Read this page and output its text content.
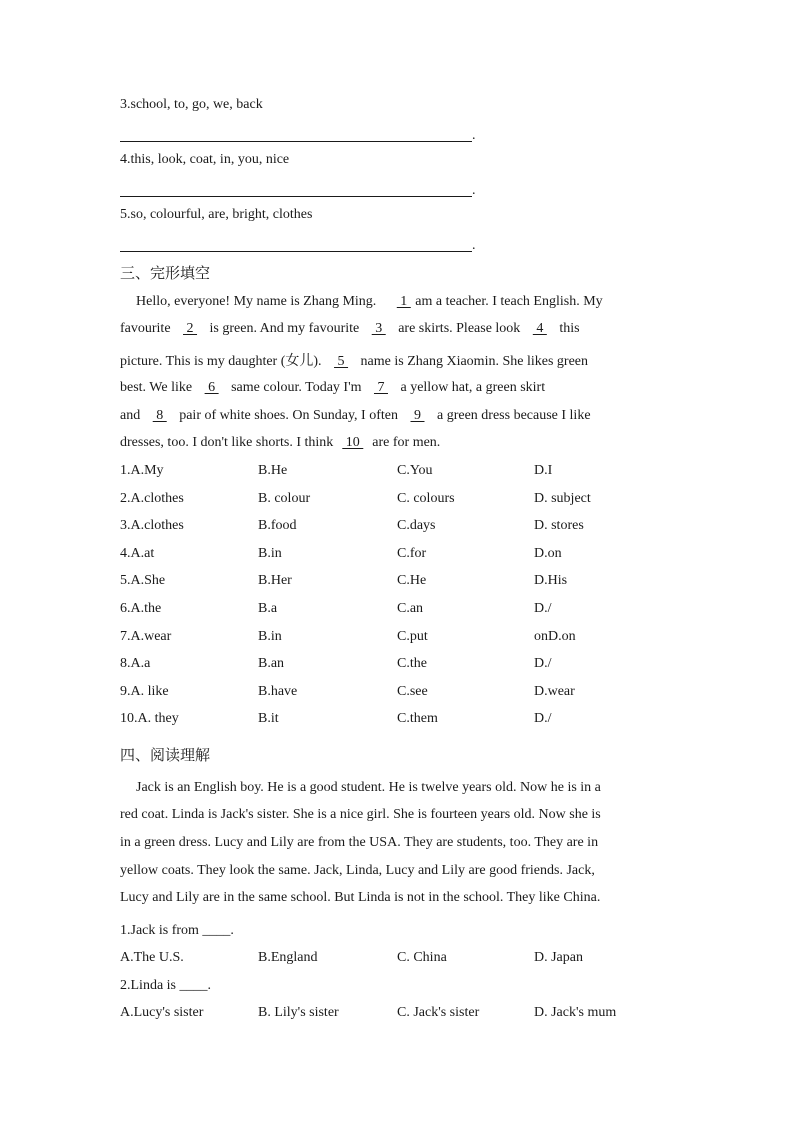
3.school, to, go, we, back
.
4.this, look, coat, in, you, nice
.
5.so, colourful, are, bright, clothes
.
三、完形填空
Hello, everyone! My name is Zhang Ming.  1  am a teacher. I teach English. My
favourite  2  is green. And my favourite  3  are skirts. Please look  4  this
picture. This is my daughter (女儿).  5  name is Zhang Xiaomin. She likes green
best. We like  6  same colour. Today I'm  7  a yellow hat, a green skirt
and  8  pair of white shoes. On Sunday, I often  9  a green dress because I like
dresses, too. I don't like shorts. I think  10  are for men.
1.A.My	B.He	C.You	D.I
2.A.clothes	B. colour	C. colours	D. subject
3.A.clothes	B.food	C.days	D. stores
4.A.at	B.in	C.for	D.on
5.A.She	B.Her	C.He	D.His
6.A.the	B.a	C.an	D./
7.A.wear	B.in	C.put	onD.on
8.A.a	B.an	C.the	D./
9.A. like	B.have	C.see	D.wear
10.A. they	B.it	C.them	D./
四、阅读理解
Jack is an English boy. He is a good student. He is twelve years old. Now he is in a
red coat. Linda is Jack's sister. She is a nice girl. She is fourteen years old. Now she is
in a green dress. Lucy and Lily are from the USA. They are students, too. They are in
yellow coats. They look the same. Jack, Linda, Lucy and Lily are good friends. Jack,
Lucy and Lily are in the same school. But Linda is not in the school. They like China.
1.Jack is from ____.
A.The U.S.	B.England	C. China	D. Japan
2.Linda is ____.
A.Lucy's sister	B. Lily's sister	C. Jack's sister	D. Jack's mum
